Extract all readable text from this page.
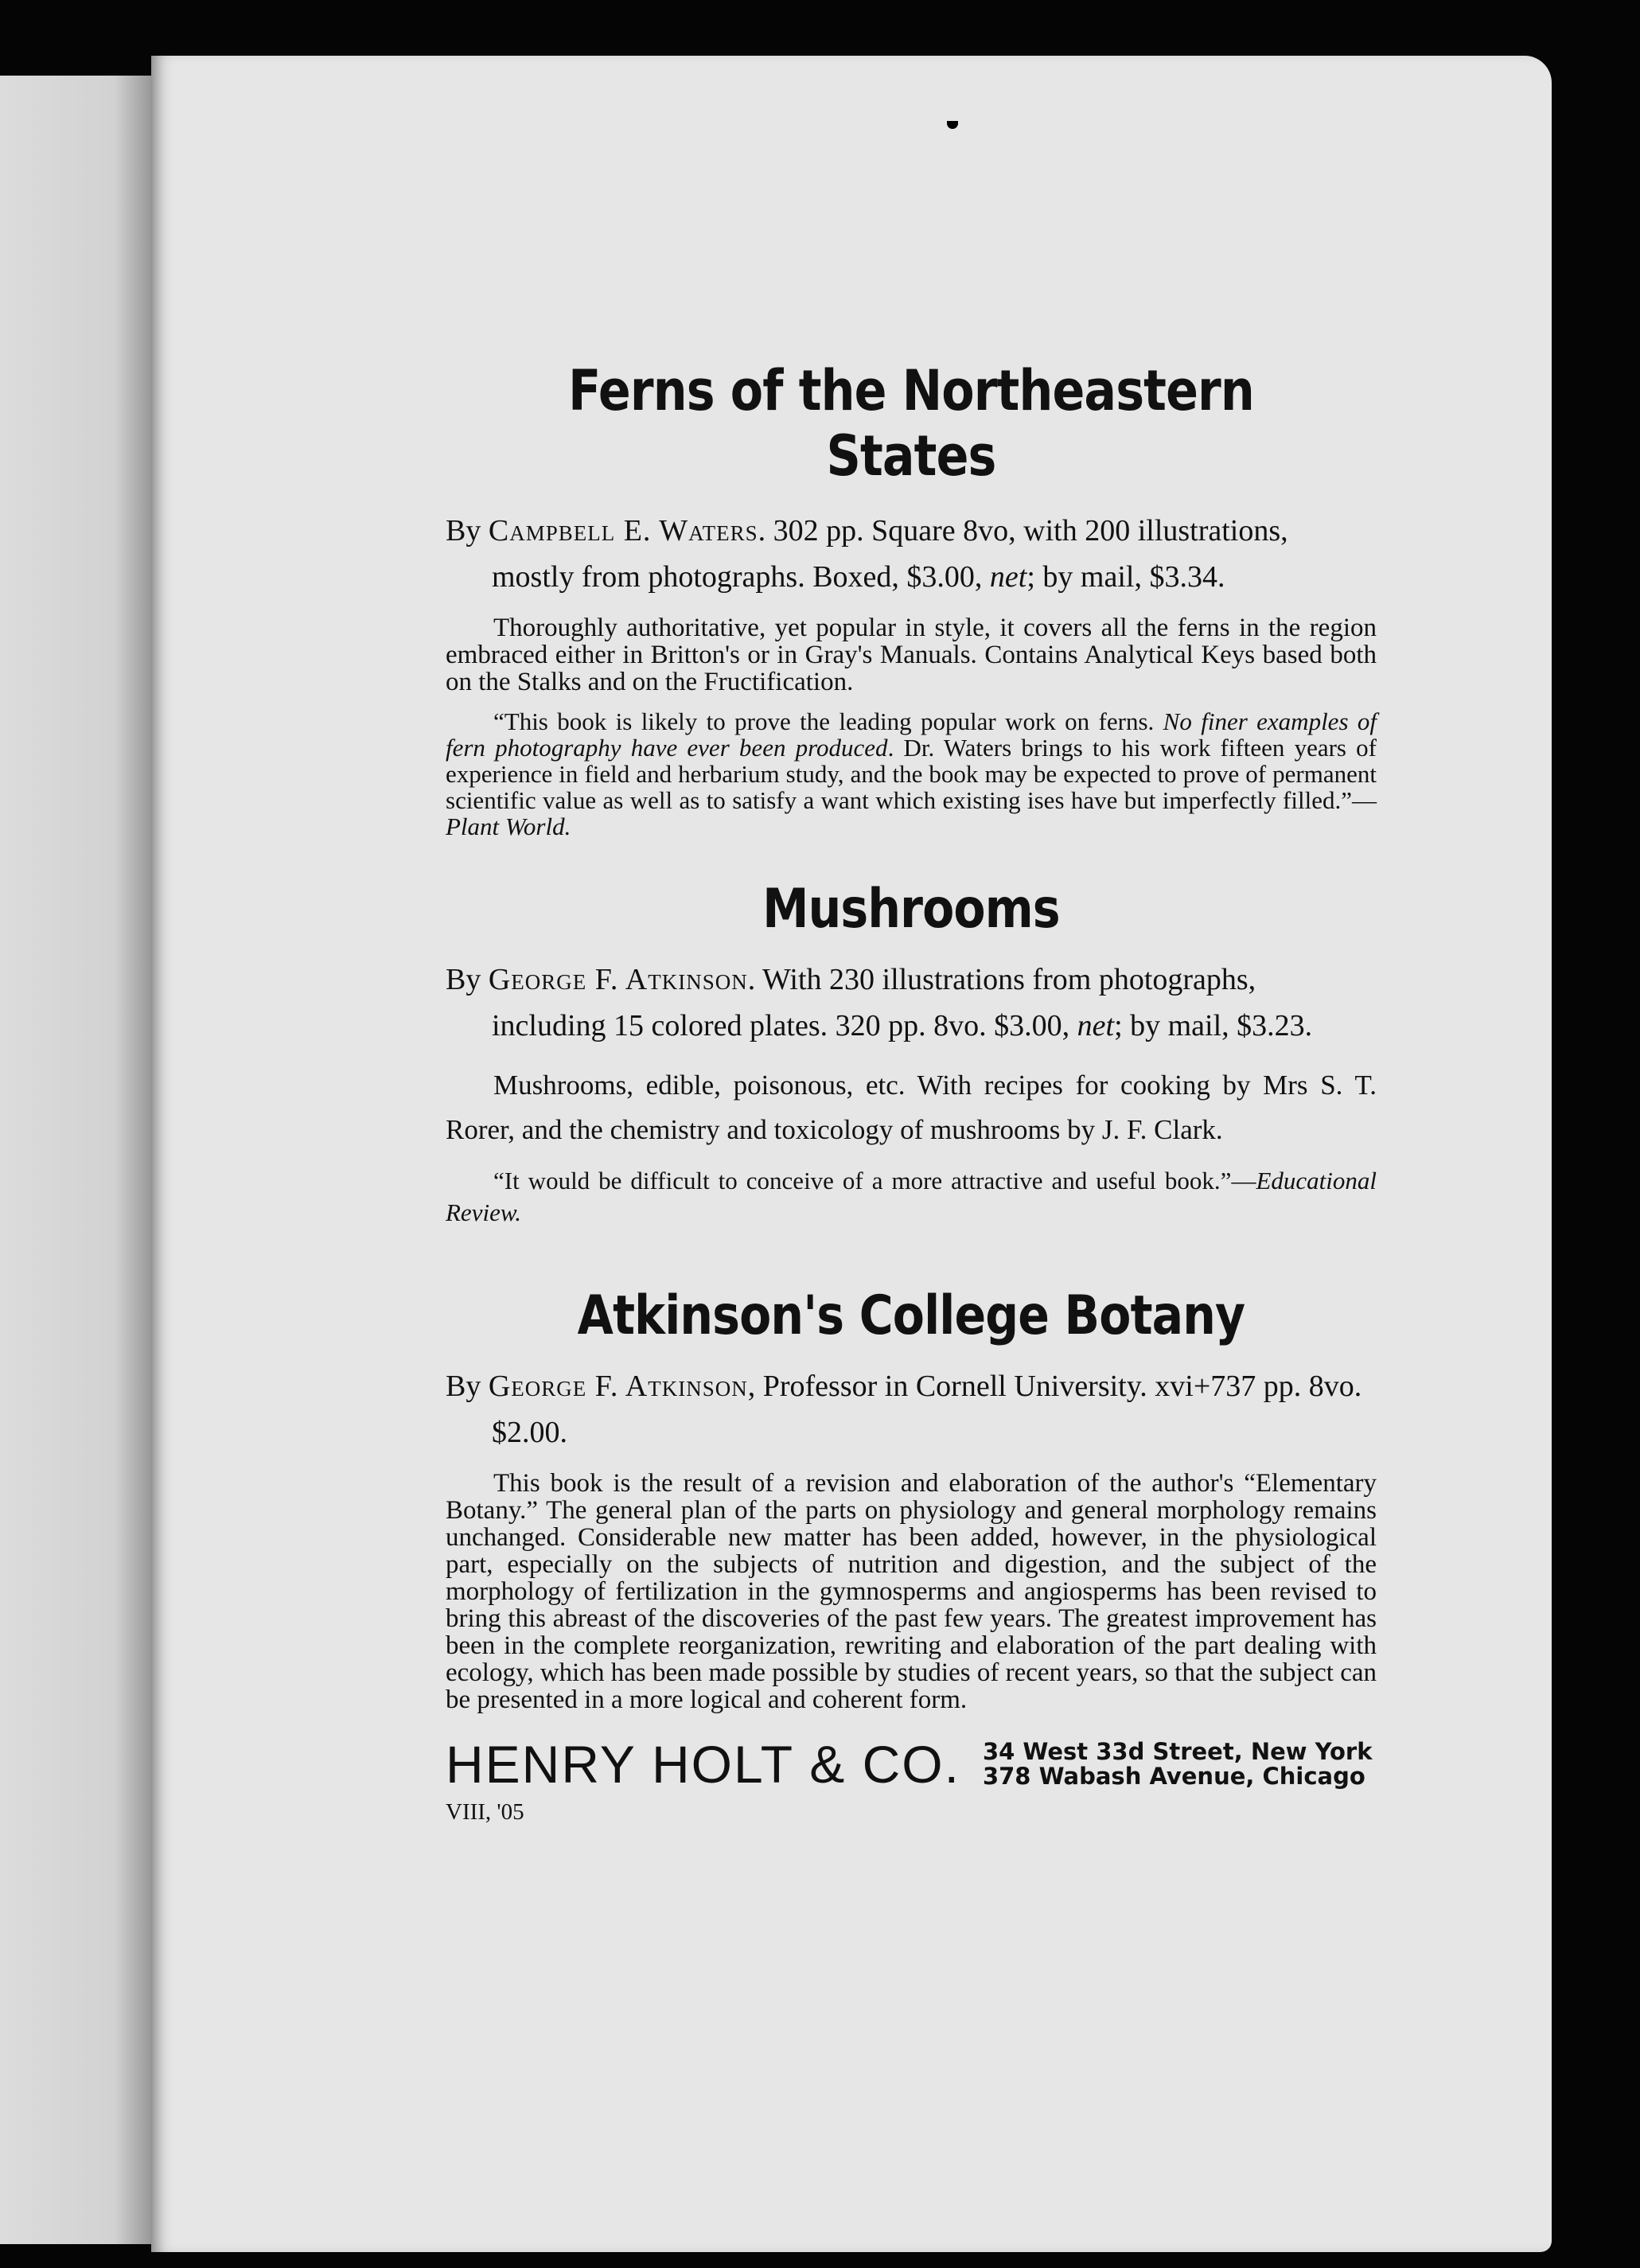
Ferns of the Northeastern States

By Campbell E. Waters. 302 pp. Square 8vo, with 200 illustrations, mostly from photographs. Boxed, $3.00, net; by mail, $3.34.

Thoroughly authoritative, yet popular in style, it covers all the ferns in the region embraced either in Britton's or in Gray's Manuals. Contains Analytical Keys based both on the Stalks and on the Fructification.

“This book is likely to prove the leading popular work on ferns. No finer examples of fern photography have ever been produced. Dr. Waters brings to his work fifteen years of experience in field and herbarium study, and the book may be expected to prove of permanent scientific value as well as to satisfy a want which existing ises have but imperfectly filled.”—Plant World.

Mushrooms

By George F. Atkinson. With 230 illustrations from photographs, including 15 colored plates. 320 pp. 8vo. $3.00, net; by mail, $3.23.

Mushrooms, edible, poisonous, etc. With recipes for cooking by Mrs S. T. Rorer, and the chemistry and toxicology of mushrooms by J. F. Clark.

“It would be difficult to conceive of a more attractive and useful book.”—Educational Review.

Atkinson's College Botany

By George F. Atkinson, Professor in Cornell University. xvi+737 pp. 8vo. $2.00.

This book is the result of a revision and elaboration of the author's “Elementary Botany.” The general plan of the parts on physiology and general morphology remains unchanged. Considerable new matter has been added, however, in the physiological part, especially on the subjects of nutrition and digestion, and the subject of the morphology of fertilization in the gymnosperms and angiosperms has been revised to bring this abreast of the discoveries of the past few years. The greatest improvement has been in the complete reorganization, rewriting and elaboration of the part dealing with ecology, which has been made possible by studies of recent years, so that the subject can be presented in a more logical and coherent form.

HENRY HOLT & CO. 34 West 33d Street, New York
378 Wabash Avenue, Chicago
VIII, '05
